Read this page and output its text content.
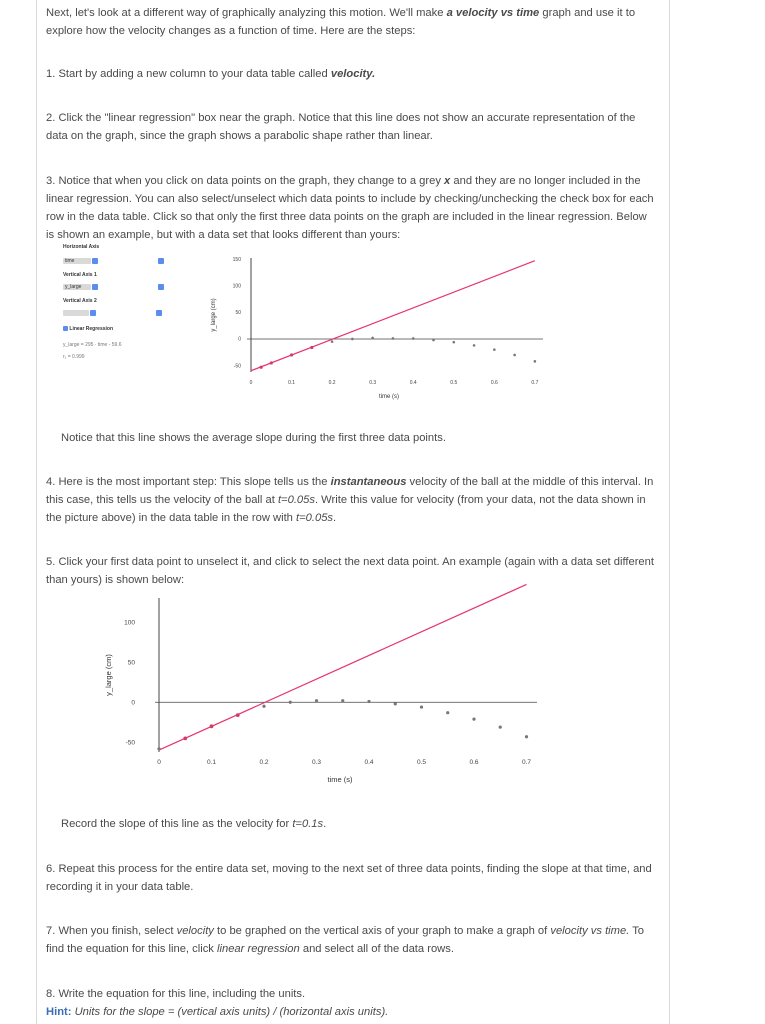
Next, let's look at a different way of graphically analyzing this motion. We'll make a velocity vs time graph and use it to explore how the velocity changes as a function of time. Here are the steps:

1. Start by adding a new column to your data table called velocity.

2. Click the "linear regression" box near the graph. Notice that this line does not show an accurate representation of the data on the graph, since the graph shows a parabolic shape rather than linear.

3. Notice that when you click on data points on the graph, they change to a grey x and they are no longer included in the linear regression. You can also select/unselect which data points to include by checking/unchecking the check box for each row in the data table. Click so that only the first three data points on the graph are included in the linear regression. Below is shown an example, but with a data set that looks different than yours:

Horizontal Axis
time
Vertical Axis 1
y_large
Vertical Axis 2

Linear Regression
y_large = 295 · time - 59.6
r₁ = 0.999
0	0.1	0.2	0.3	0.4	0.5	0.6	0.7
150
100
50
0
-50
time (s)
y_large (cm)

Notice that this line shows the average slope during the first three data points.

4. Here is the most important step: This slope tells us the instantaneous velocity of the ball at the middle of this interval. In this case, this tells us the velocity of the ball at t=0.05s. Write this value for velocity (from your data, not the data shown in the picture above) in the data table in the row with t=0.05s.

5. Click your first data point to unselect it, and click to select the next data point. An example (again with a data set different than yours) is shown below:

0	0.1	0.2	0.3	0.4	0.5	0.6	0.7
100
50
0
-50
time (s)
y_large (cm)

Record the slope of this line as the velocity for t=0.1s.

6. Repeat this process for the entire data set, moving to the next set of three data points, finding the slope at that time, and recording it in your data table.

7. When you finish, select velocity to be graphed on the vertical axis of your graph to make a graph of velocity vs time. To find the equation for this line, click linear regression and select all of the data rows.

8. Write the equation for this line, including the units.

Hint: Units for the slope = (vertical axis units) / (horizontal axis units).
